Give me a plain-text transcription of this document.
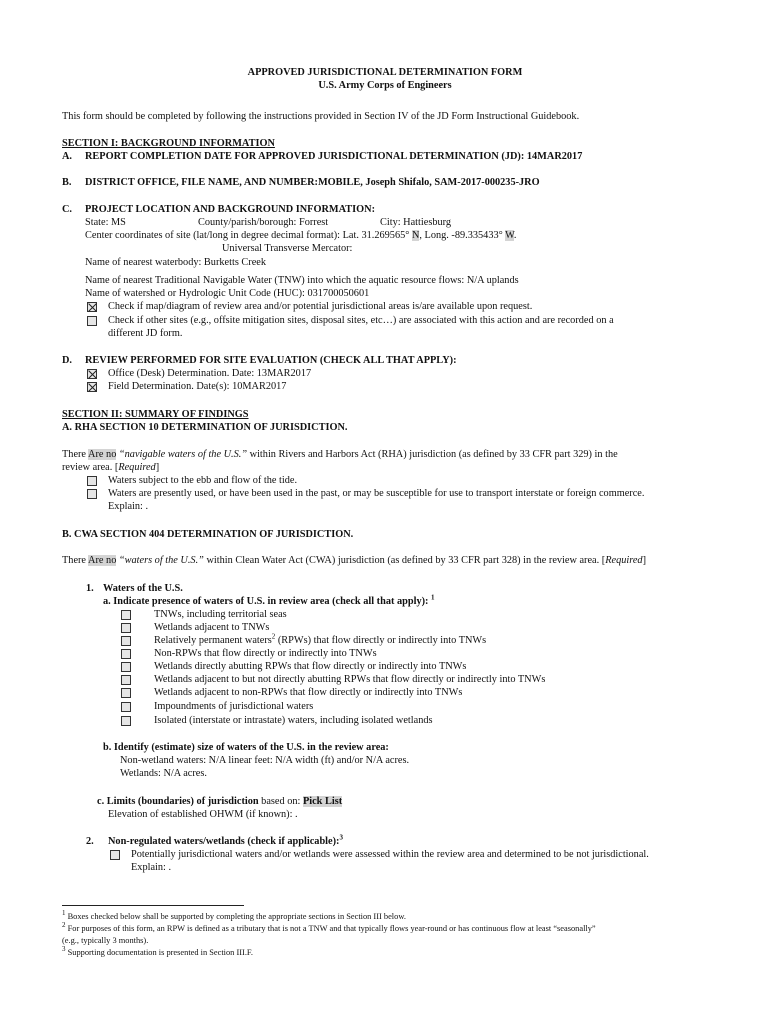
APPROVED JURISDICTIONAL DETERMINATION FORM
U.S. Army Corps of Engineers
This form should be completed by following the instructions provided in Section IV of the JD Form Instructional Guidebook.
SECTION I: BACKGROUND INFORMATION
A. REPORT COMPLETION DATE FOR APPROVED JURISDICTIONAL DETERMINATION (JD): 14MAR2017
B. DISTRICT OFFICE, FILE NAME, AND NUMBER:MOBILE, Joseph Shifalo, SAM-2017-000235-JRO
C. PROJECT LOCATION AND BACKGROUND INFORMATION:
State: MS	County/parish/borough: Forrest	City: Hattiesburg
Center coordinates of site (lat/long in degree decimal format): Lat. 31.269565° N, Long. -89.335433° W.
Universal Transverse Mercator:
Name of nearest waterbody: Burketts Creek
Name of nearest Traditional Navigable Water (TNW) into which the aquatic resource flows: N/A uplands
Name of watershed or Hydrologic Unit Code (HUC): 031700050601
Check if map/diagram of review area and/or potential jurisdictional areas is/are available upon request.
Check if other sites (e.g., offsite mitigation sites, disposal sites, etc…) are associated with this action and are recorded on a
different JD form.
D. REVIEW PERFORMED FOR SITE EVALUATION (CHECK ALL THAT APPLY):
Office (Desk) Determination. Date: 13MAR2017
Field Determination. Date(s): 10MAR2017
SECTION II: SUMMARY OF FINDINGS
A. RHA SECTION 10 DETERMINATION OF JURISDICTION.
There Are no “navigable waters of the U.S.” within Rivers and Harbors Act (RHA) jurisdiction (as defined by 33 CFR part 329) in the
review area. [Required]
Waters subject to the ebb and flow of the tide.
Waters are presently used, or have been used in the past, or may be susceptible for use to transport interstate or foreign commerce.
Explain: .
B. CWA SECTION 404 DETERMINATION OF JURISDICTION.
There Are no “waters of the U.S.” within Clean Water Act (CWA) jurisdiction (as defined by 33 CFR part 328) in the review area. [Required]
1. Waters of the U.S.
a. Indicate presence of waters of U.S. in review area (check all that apply): $^1$
TNWs, including territorial seas
Wetlands adjacent to TNWs
Relatively permanent waters$^2$ (RPWs) that flow directly or indirectly into TNWs
Non-RPWs that flow directly or indirectly into TNWs
Wetlands directly abutting RPWs that flow directly or indirectly into TNWs
Wetlands adjacent to but not directly abutting RPWs that flow directly or indirectly into TNWs
Wetlands adjacent to non-RPWs that flow directly or indirectly into TNWs
Impoundments of jurisdictional waters
Isolated (interstate or intrastate) waters, including isolated wetlands
b. Identify (estimate) size of waters of the U.S. in the review area:
Non-wetland waters: N/A linear feet: N/A width (ft) and/or N/A acres.
Wetlands: N/A acres.
c. Limits (boundaries) of jurisdiction based on: Pick List
Elevation of established OHWM (if known): .
2. Non-regulated waters/wetlands (check if applicable):$^3$
Potentially jurisdictional waters and/or wetlands were assessed within the review area and determined to be not jurisdictional.
Explain: .
$^1$ Boxes checked below shall be supported by completing the appropriate sections in Section III below.
$^2$ For purposes of this form, an RPW is defined as a tributary that is not a TNW and that typically flows year-round or has continuous flow at least “seasonally”
(e.g., typically 3 months).
$^3$ Supporting documentation is presented in Section III.F.
